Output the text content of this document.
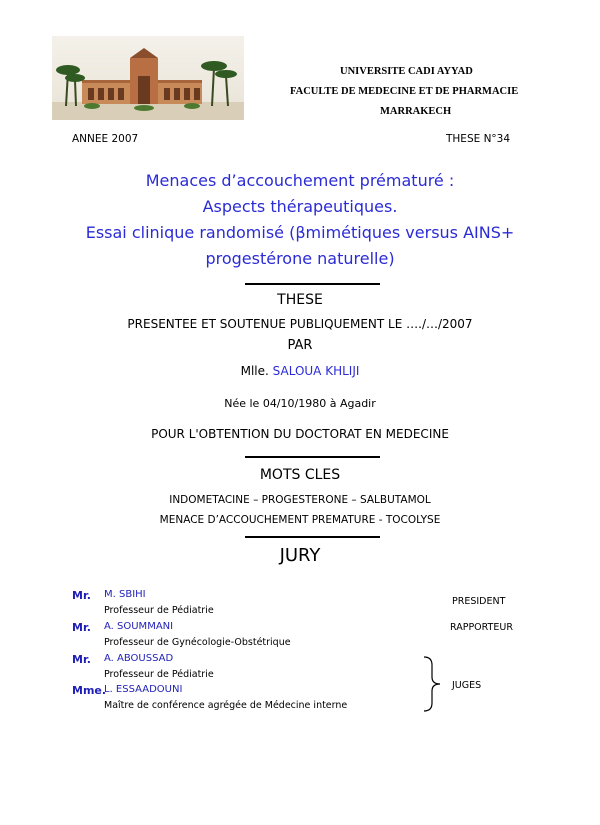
UNIVERSITE CADI AYYAD
FACULTE DE MEDECINE ET DE PHARMACIE
MARRAKECH
ANNEE 2007	THESE N°34
Menaces d’accouchement prématuré :
Aspects thérapeutiques.
Essai clinique randomisé (βmimétiques versus AINS+
progestérone naturelle)
THESE
PRESENTEE ET SOUTENUE PUBLIQUEMENT LE …./…/2007
PAR
Mlle. SALOUA KHLIJI
Née le 04/10/1980 à Agadir
POUR L'OBTENTION DU DOCTORAT EN MEDECINE
MOTS CLES
INDOMETACINE – PROGESTERONE – SALBUTAMOL
MENACE D’ACCOUCHEMENT PREMATURE - TOCOLYSE
JURY
Mr. M. SBIHI
Professeur de Pédiatrie
PRESIDENT
Mr. A. SOUMMANI
Professeur de Gynécologie-Obstétrique
RAPPORTEUR
Mr. A. ABOUSSAD
Professeur de Pédiatrie
Mme.
L. ESSAADOUNI
Maître de conférence agrégée de Médecine interne
JUGES
